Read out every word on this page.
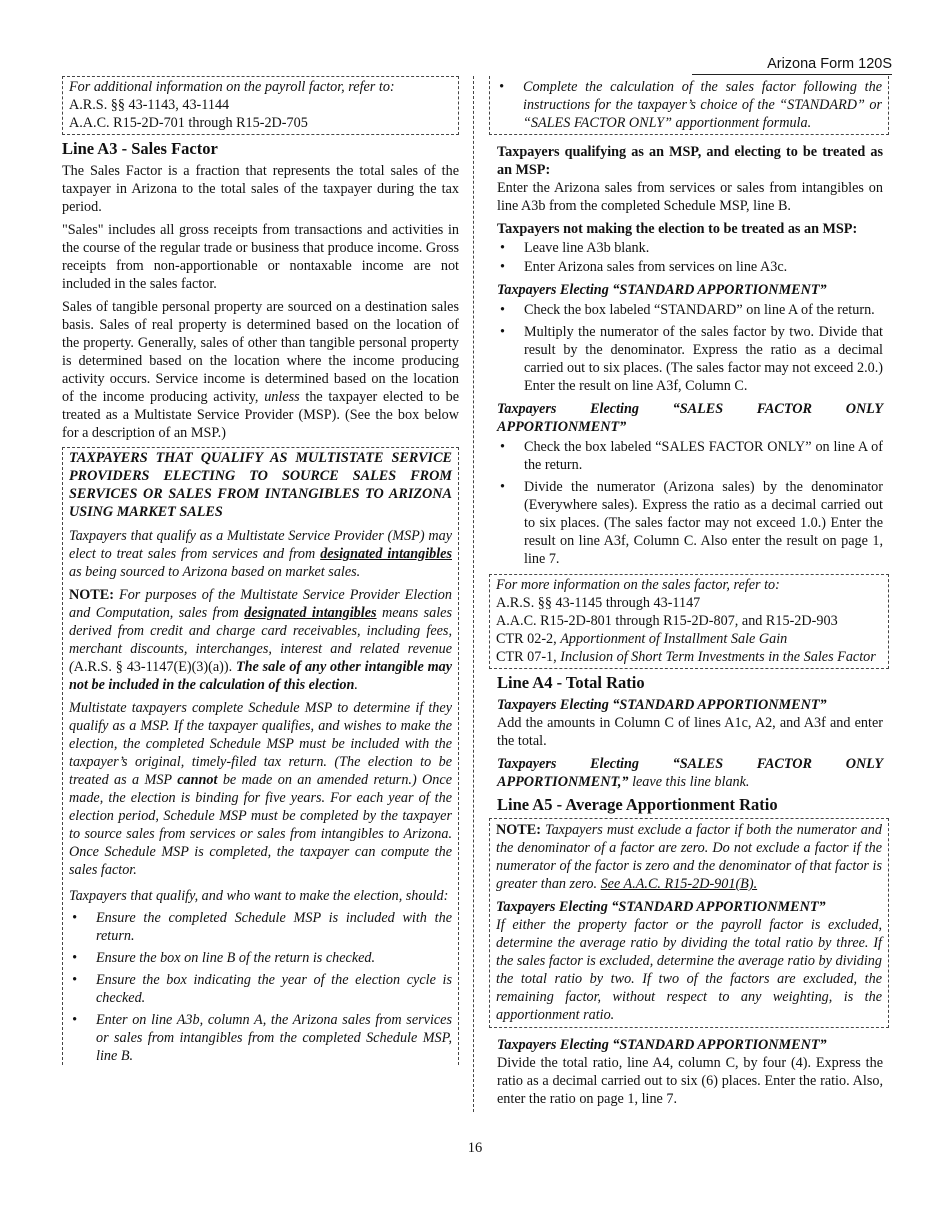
Arizona Form 120S
For additional information on the payroll factor, refer to:
A.R.S. §§ 43-1143, 43-1144
A.A.C. R15-2D-701 through R15-2D-705
Line A3 - Sales Factor

The Sales Factor is a fraction that represents the total sales of the taxpayer in Arizona to the total sales of the taxpayer during the tax period.

"Sales" includes all gross receipts from transactions and activities in the course of the regular trade or business that produce income. Gross receipts from non-apportionable or nontaxable income are not included in the sales factor.

Sales of tangible personal property are sourced on a destination sales basis. Sales of real property is determined based on the location of the property. Generally, sales of other than tangible personal property is determined based on the location where the income producing activity occurs. Service income is determined based on the location of the income producing activity, unless the taxpayer elected to be treated as a Multistate Service Provider (MSP). (See the box below for a description of an MSP.)

TAXPAYERS THAT QUALIFY AS MULTISTATE SERVICE PROVIDERS ELECTING TO SOURCE SALES FROM SERVICES OR SALES FROM INTANGIBLES TO ARIZONA USING MARKET SALES

Taxpayers that qualify as a Multistate Service Provider (MSP) may elect to treat sales from services and from designated intangibles as being sourced to Arizona based on market sales.

NOTE: For purposes of the Multistate Service Provider Election and Computation, sales from designated intangibles means sales derived from credit and charge card receivables, including fees, merchant discounts, interchanges, interest and related revenue (A.R.S. § 43-1147(E)(3)(a)). The sale of any other intangible may not be included in the calculation of this election.

Multistate taxpayers complete Schedule MSP to determine if they qualify as a MSP. If the taxpayer qualifies, and wishes to make the election, the completed Schedule MSP must be included with the taxpayer’s original, timely-filed tax return. (The election to be treated as a MSP cannot be made on an amended return.) Once made, the election is binding for five years. For each year of the election period, Schedule MSP must be completed by the taxpayer to source sales from services or sales from intangibles to Arizona. Once Schedule MSP is completed, the taxpayer can compute the sales factor.

Taxpayers that qualify, and who want to make the election, should:

• Ensure the completed Schedule MSP is included with the return.
• Ensure the box on line B of the return is checked.
• Ensure the box indicating the year of the election cycle is checked.
• Enter on line A3b, column A, the Arizona sales from services or sales from intangibles from the completed Schedule MSP, line B.
• Complete the calculation of the sales factor following the instructions for the taxpayer’s choice of the “STANDARD” or “SALES FACTOR ONLY” apportionment formula.

Taxpayers qualifying as an MSP, and electing to be treated as an MSP:

Enter the Arizona sales from services or sales from intangibles on line A3b from the completed Schedule MSP, line B.

Taxpayers not making the election to be treated as an MSP:

• Leave line A3b blank.
• Enter Arizona sales from services on line A3c.

Taxpayers Electing “STANDARD APPORTIONMENT”

• Check the box labeled “STANDARD” on line A of the return.
• Multiply the numerator of the sales factor by two. Divide that result by the denominator. Express the ratio as a decimal carried out to six places. (The sales factor may not exceed 2.0.) Enter the result on line A3f, Column C.
Taxpayers Electing “SALES FACTOR ONLY

APPORTIONMENT”

• Check the box labeled “SALES FACTOR ONLY” on line A of the return.
• Divide the numerator (Arizona sales) by the denominator (Everywhere sales). Express the ratio as a decimal carried out to six places. (The sales factor may not exceed 1.0.) Enter the result on line A3f, Column C. Also enter the result on page 1, line 7.
For more information on the sales factor, refer to:
A.R.S. §§ 43-1145 through 43-1147
A.A.C. R15-2D-801 through R15-2D-807, and R15-2D-903
CTR 02-2, Apportionment of Installment Sale Gain
CTR 07-1, Inclusion of Short Term Investments in the Sales Factor
Line A4 - Total Ratio

Taxpayers Electing “STANDARD APPORTIONMENT”

Add the amounts in Column C of lines A1c, A2, and A3f and enter the total.

Taxpayers Electing “SALES FACTOR ONLY

APPORTIONMENT,” leave this line blank.

Line A5 - Average Apportionment Ratio

NOTE: Taxpayers must exclude a factor if both the numerator and the denominator of a factor are zero. Do not exclude a factor if the numerator of the factor is zero and the denominator of that factor is greater than zero. See A.A.C. R15-2D-901(B).

Taxpayers Electing “STANDARD APPORTIONMENT”

If either the property factor or the payroll factor is excluded, determine the average ratio by dividing the total ratio by three. If the sales factor is excluded, determine the average ratio by dividing the total ratio by two. If two of the factors are excluded, the remaining factor, without respect to any weighting, is the apportionment ratio.

Taxpayers Electing “STANDARD APPORTIONMENT”

Divide the total ratio, line A4, column C, by four (4). Express the ratio as a decimal carried out to six (6) places. Enter the ratio. Also, enter the ratio on page 1, line 7.

16
